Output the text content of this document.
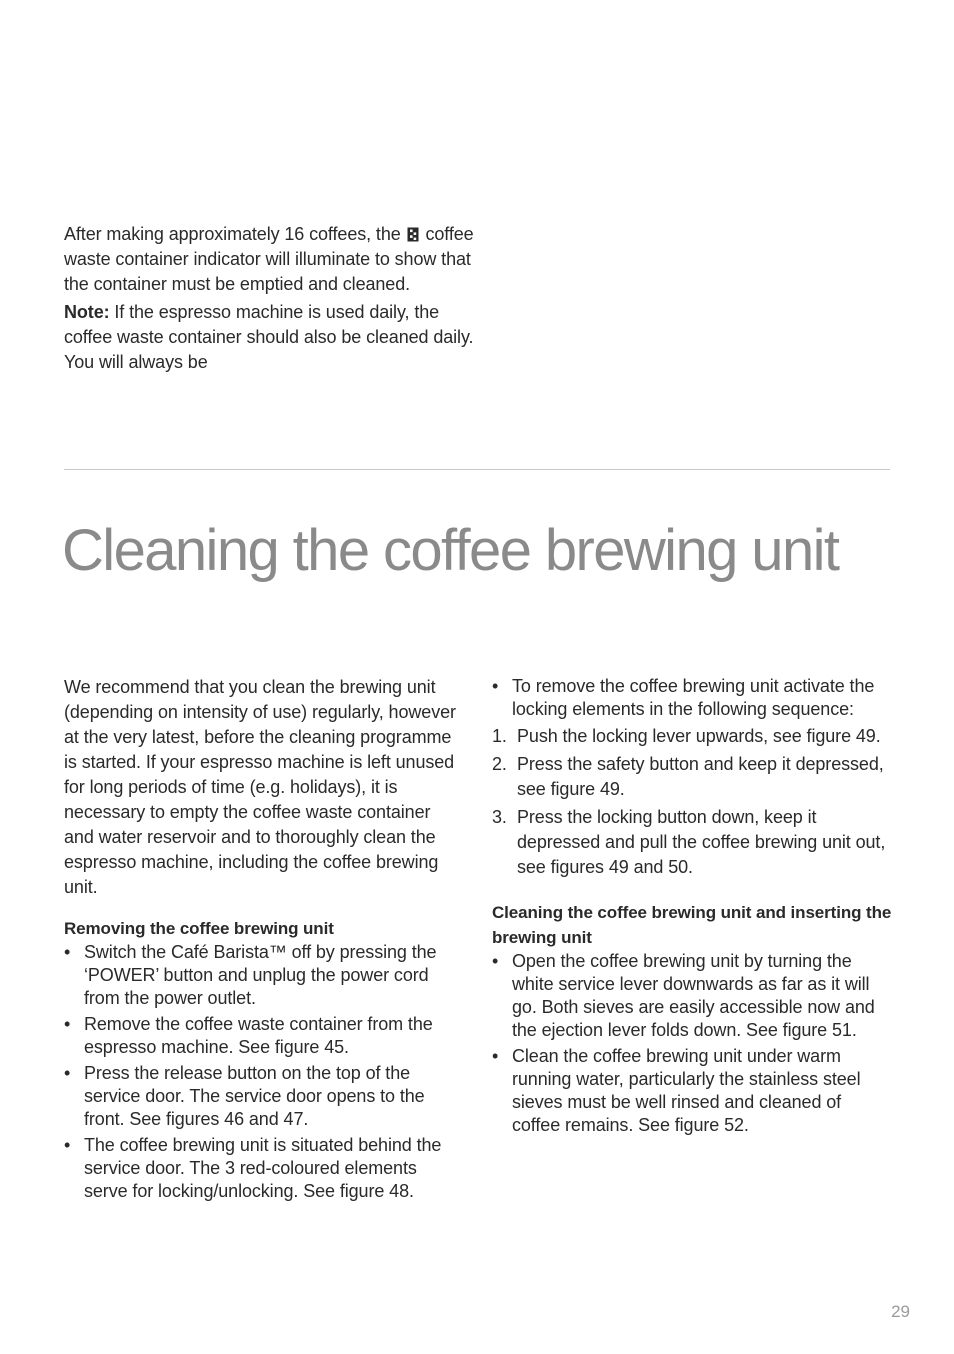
After making approximately 16 coffees, the  coffee waste container indicator will illuminate to show that the container must be emptied and cleaned.

Note: If the espresso machine is used daily, the coffee waste container should also be cleaned daily. You will always be

Cleaning the coffee brewing unit

We recommend that you clean the brewing unit (depending on intensity of use) regularly, however at the very latest, before the cleaning programme is started. If your espresso machine is left unused for long periods of time (e.g. holidays), it is necessary to empty the coffee waste container and water reservoir and to thoroughly clean the espresso machine, including the coffee brewing unit.

Removing the coffee brewing unit
• Switch the Café Barista™ off by pressing the ‘POWER’ button and unplug the power cord from the power outlet.
• Remove the coffee waste container from the espresso machine. See figure 45.
• Press the release button on the top of the service door. The service door opens to the front. See figures 46 and 47.
• The coffee brewing unit is situated behind the service door. The 3 red-coloured elements serve for locking/unlocking. See figure 48.
• To remove the coffee brewing unit activate the locking elements in the following sequence:
1. Push the locking lever upwards, see figure 49.
2. Press the safety button and keep it depressed, see figure 49.
3. Press the locking button down, keep it depressed and pull the coffee brewing unit out, see figures 49 and 50.
Cleaning the coffee brewing unit and inserting the brewing unit
• Open the coffee brewing unit by turning the white service lever downwards as far as it will go. Both sieves are easily accessible now and the ejection lever folds down. See figure 51.
• Clean the coffee brewing unit under warm running water, particularly the stainless steel sieves must be well rinsed and cleaned of coffee remains. See figure 52.
29
